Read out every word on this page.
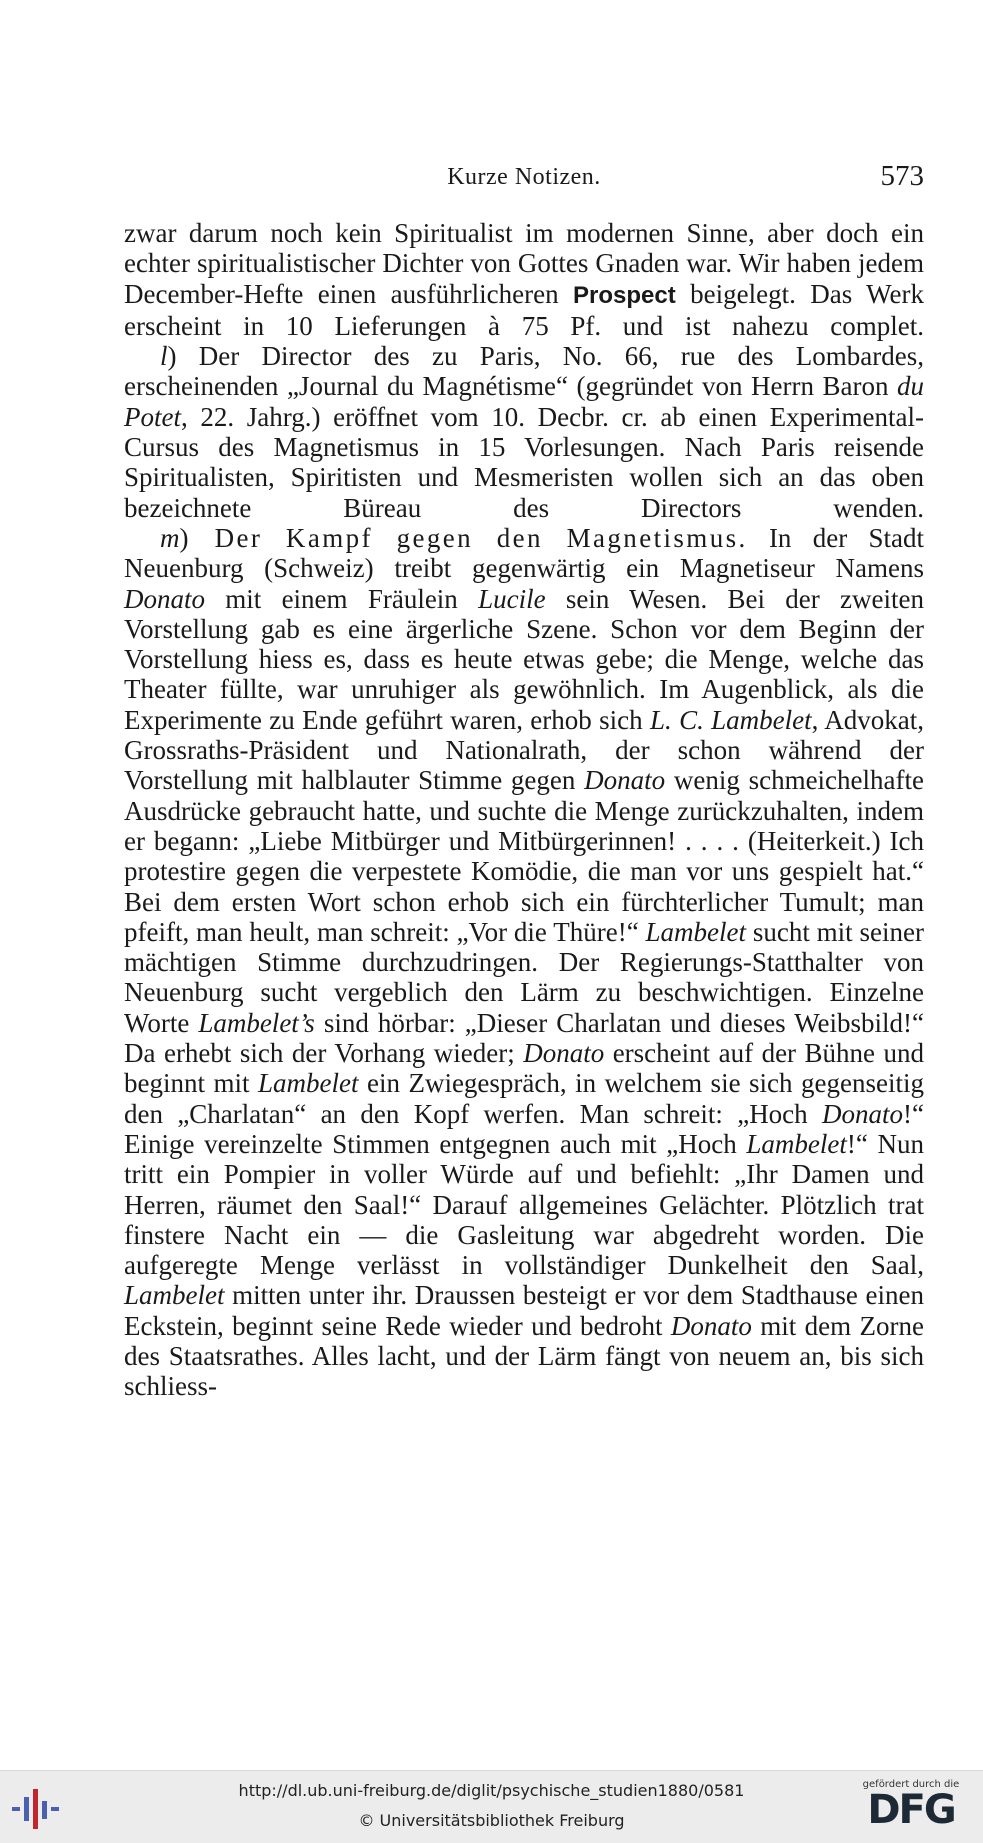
Kurze Notizen.	573

zwar darum noch kein Spiritualist im modernen Sinne, aber doch ein echter spiritualistischer Dichter von Gottes Gnaden war. Wir haben jedem December-Hefte einen ausführlicheren Prospect beigelegt. Das Werk erscheint in 10 Lieferungen à 75 Pf. und ist nahezu complet.

l) Der Director des zu Paris, No. 66, rue des Lombardes, erscheinenden „Journal du Magnétisme“ (gegründet von Herrn Baron du Potet, 22. Jahrg.) eröffnet vom 10. Decbr. cr. ab einen Experimental-Cursus des Magnetismus in 15 Vorlesungen. Nach Paris reisende Spiritualisten, Spiritisten und Mesmeristen wollen sich an das oben bezeichnete Büreau des Directors wenden.

m) Der Kampf gegen den Magnetismus. In der Stadt Neuenburg (Schweiz) treibt gegenwärtig ein Magnetiseur Namens Donato mit einem Fräulein Lucile sein Wesen. Bei der zweiten Vorstellung gab es eine ärgerliche Szene. Schon vor dem Beginn der Vorstellung hiess es, dass es heute etwas gebe; die Menge, welche das Theater füllte, war unruhiger als gewöhnlich. Im Augenblick, als die Experimente zu Ende geführt waren, erhob sich L. C. Lambelet, Advokat, Grossraths-Präsident und Nationalrath, der schon während der Vorstellung mit halblauter Stimme gegen Donato wenig schmeichelhafte Ausdrücke gebraucht hatte, und suchte die Menge zurückzuhalten, indem er begann: „Liebe Mitbürger und Mitbürgerinnen! . . . . (Heiterkeit.) Ich protestire gegen die verpestete Komödie, die man vor uns gespielt hat.“ Bei dem ersten Wort schon erhob sich ein fürchterlicher Tumult; man pfeift, man heult, man schreit: „Vor die Thüre!“ Lambelet sucht mit seiner mächtigen Stimme durchzudringen. Der Regierungs-Statthalter von Neuenburg sucht vergeblich den Lärm zu beschwichtigen. Einzelne Worte Lambelet’s sind hörbar: „Dieser Charlatan und dieses Weibsbild!“ Da erhebt sich der Vorhang wieder; Donato erscheint auf der Bühne und beginnt mit Lambelet ein Zwiegespräch, in welchem sie sich gegenseitig den „Charlatan“ an den Kopf werfen. Man schreit: „Hoch Donato!“ Einige vereinzelte Stimmen entgegnen auch mit „Hoch Lambelet!“ Nun tritt ein Pompier in voller Würde auf und befiehlt: „Ihr Damen und Herren, räumet den Saal!“ Darauf allgemeines Gelächter. Plötzlich trat finstere Nacht ein — die Gasleitung war abgedreht worden. Die aufgeregte Menge verlässt in vollständiger Dunkelheit den Saal, Lambelet mitten unter ihr. Draussen besteigt er vor dem Stadthause einen Eckstein, beginnt seine Rede wieder und bedroht Donato mit dem Zorne des Staatsrathes. Alles lacht, und der Lärm fängt von neuem an, bis sich schliess-

http://dl.ub.uni-freiburg.de/diglit/psychische_studien1880/0581
© Universitätsbibliothek Freiburg
gefördert durch die
DFG
